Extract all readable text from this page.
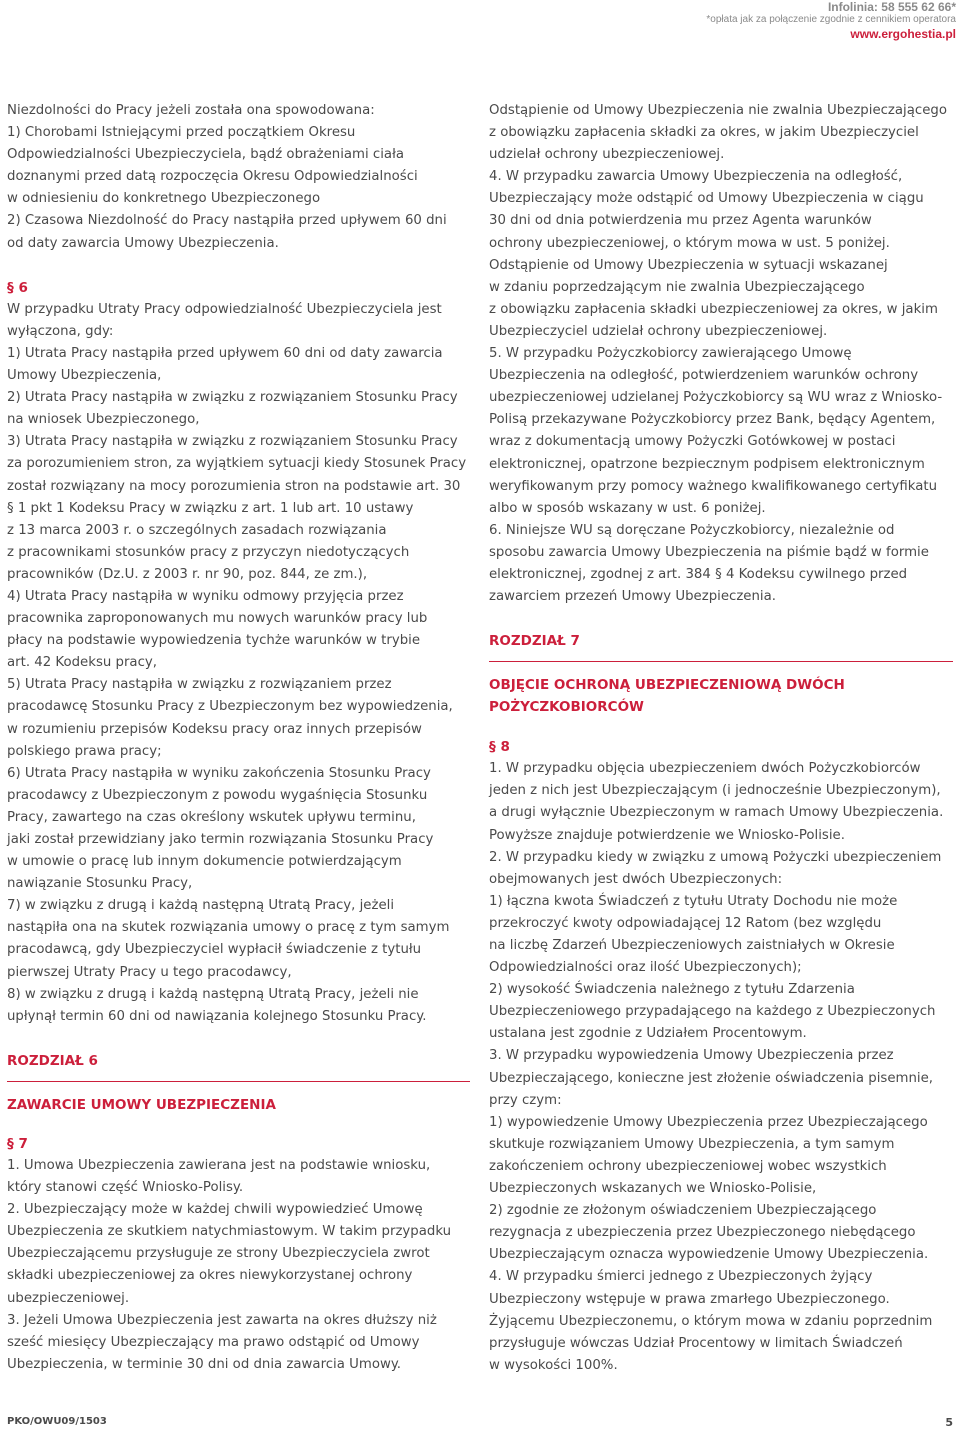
Infolinia: 58 555 62 66*
*opłata jak za połączenie zgodnie z cennikiem operatora
www.ergohestia.pl

Niezdolności do Pracy jeżeli została ona spowodowana:
1) Chorobami Istniejącymi przed początkiem Okresu
Odpowiedzialności Ubezpieczyciela, bądź obrażeniami ciała
doznanymi przed datą rozpoczęcia Okresu Odpowiedzialności
w odniesieniu do konkretnego Ubezpieczonego
2) Czasowa Niezdolność do Pracy nastąpiła przed upływem 60 dni
od daty zawarcia Umowy Ubezpieczenia.

§ 6

W przypadku Utraty Pracy odpowiedzialność Ubezpieczyciela jest
wyłączona, gdy:
1) Utrata Pracy nastąpiła przed upływem 60 dni od daty zawarcia
Umowy Ubezpieczenia,
2) Utrata Pracy nastąpiła w związku z rozwiązaniem Stosunku Pracy
na wniosek Ubezpieczonego,
3) Utrata Pracy nastąpiła w związku z rozwiązaniem Stosunku Pracy
za porozumieniem stron, za wyjątkiem sytuacji kiedy Stosunek Pracy
został rozwiązany na mocy porozumienia stron na podstawie art. 30
§ 1 pkt 1 Kodeksu Pracy w związku z art. 1 lub art. 10 ustawy
z 13 marca 2003 r. o szczególnych zasadach rozwiązania
z pracownikami stosunków pracy z przyczyn niedotyczących
pracowników (Dz.U. z 2003 r. nr 90, poz. 844, ze zm.),
4) Utrata Pracy nastąpiła w wyniku odmowy przyjęcia przez
pracownika zaproponowanych mu nowych warunków pracy lub
płacy na podstawie wypowiedzenia tychże warunków w trybie
art. 42 Kodeksu pracy,
5) Utrata Pracy nastąpiła w związku z rozwiązaniem przez
pracodawcę Stosunku Pracy z Ubezpieczonym bez wypowiedzenia,
w rozumieniu przepisów Kodeksu pracy oraz innych przepisów
polskiego prawa pracy;
6) Utrata Pracy nastąpiła w wyniku zakończenia Stosunku Pracy
pracodawcy z Ubezpieczonym z powodu wygaśnięcia Stosunku
Pracy, zawartego na czas określony wskutek upływu terminu,
jaki został przewidziany jako termin rozwiązania Stosunku Pracy
w umowie o pracę lub innym dokumencie potwierdzającym
nawiązanie Stosunku Pracy,
7) w związku z drugą i każdą następną Utratą Pracy, jeżeli
nastąpiła ona na skutek rozwiązania umowy o pracę z tym samym
pracodawcą, gdy Ubezpieczyciel wypłacił świadczenie z tytułu
pierwszej Utraty Pracy u tego pracodawcy,
8) w związku z drugą i każdą następną Utratą Pracy, jeżeli nie
upłynął termin 60 dni od nawiązania kolejnego Stosunku Pracy.

ROZDZIAŁ 6

ZAWARCIE UMOWY UBEZPIECZENIA

§ 7

1. Umowa Ubezpieczenia zawierana jest na podstawie wniosku,
który stanowi część Wniosko-Polisy.
2. Ubezpieczający może w każdej chwili wypowiedzieć Umowę
Ubezpieczenia ze skutkiem natychmiastowym. W takim przypadku
Ubezpieczającemu przysługuje ze strony Ubezpieczyciela zwrot
składki ubezpieczeniowej za okres niewykorzystanej ochrony
ubezpieczeniowej.
3. Jeżeli Umowa Ubezpieczenia jest zawarta na okres dłuższy niż
sześć miesięcy Ubezpieczający ma prawo odstąpić od Umowy
Ubezpieczenia, w terminie 30 dni od dnia zawarcia Umowy.

Odstąpienie od Umowy Ubezpieczenia nie zwalnia Ubezpieczającego
z obowiązku zapłacenia składki za okres, w jakim Ubezpieczyciel
udzielał ochrony ubezpieczeniowej.
4. W przypadku zawarcia Umowy Ubezpieczenia na odległość,
Ubezpieczający może odstąpić od Umowy Ubezpieczenia w ciągu
30 dni od dnia potwierdzenia mu przez Agenta warunków
ochrony ubezpieczeniowej, o którym mowa w ust. 5 poniżej.
Odstąpienie od Umowy Ubezpieczenia w sytuacji wskazanej
w zdaniu poprzedzającym nie zwalnia Ubezpieczającego
z obowiązku zapłacenia składki ubezpieczeniowej za okres, w jakim
Ubezpieczyciel udzielał ochrony ubezpieczeniowej.
5. W przypadku Pożyczkobiorcy zawierającego Umowę
Ubezpieczenia na odległość, potwierdzeniem warunków ochrony
ubezpieczeniowej udzielanej Pożyczkobiorcy są WU wraz z Wniosko-
Polisą przekazywane Pożyczkobiorcy przez Bank, będący Agentem,
wraz z dokumentacją umowy Pożyczki Gotówkowej w postaci
elektronicznej, opatrzone bezpiecznym podpisem elektronicznym
weryfikowanym przy pomocy ważnego kwalifikowanego certyfikatu
albo w sposób wskazany w ust. 6 poniżej.
6. Niniejsze WU są doręczane Pożyczkobiorcy, niezależnie od
sposobu zawarcia Umowy Ubezpieczenia na piśmie bądź w formie
elektronicznej, zgodnej z art. 384 § 4 Kodeksu cywilnego przed
zawarciem przezeń Umowy Ubezpieczenia.

ROZDZIAŁ 7

OBJĘCIE OCHRONĄ UBEZPIECZENIOWĄ DWÓCH
POŻYCZKOBIORCÓW

§ 8

1. W przypadku objęcia ubezpieczeniem dwóch Pożyczkobiorców
jeden z nich jest Ubezpieczającym (i jednocześnie Ubezpieczonym),
a drugi wyłącznie Ubezpieczonym w ramach Umowy Ubezpieczenia.
Powyższe znajduje potwierdzenie we Wniosko-Polisie.
2. W przypadku kiedy w związku z umową Pożyczki ubezpieczeniem
obejmowanych jest dwóch Ubezpieczonych:
1) łączna kwota Świadczeń z tytułu Utraty Dochodu nie może
przekroczyć kwoty odpowiadającej 12 Ratom (bez względu
na liczbę Zdarzeń Ubezpieczeniowych zaistniałych w Okresie
Odpowiedzialności oraz ilość Ubezpieczonych);
2) wysokość Świadczenia należnego z tytułu Zdarzenia
Ubezpieczeniowego przypadającego na każdego z Ubezpieczonych
ustalana jest zgodnie z Udziałem Procentowym.
3. W przypadku wypowiedzenia Umowy Ubezpieczenia przez
Ubezpieczającego, konieczne jest złożenie oświadczenia pisemnie,
przy czym:
1) wypowiedzenie Umowy Ubezpieczenia przez Ubezpieczającego
skutkuje rozwiązaniem Umowy Ubezpieczenia, a tym samym
zakończeniem ochrony ubezpieczeniowej wobec wszystkich
Ubezpieczonych wskazanych we Wniosko-Polisie,
2) zgodnie ze złożonym oświadczeniem Ubezpieczającego
rezygnacja z ubezpieczenia przez Ubezpieczonego niebędącego
Ubezpieczającym oznacza wypowiedzenie Umowy Ubezpieczenia.
4. W przypadku śmierci jednego z Ubezpieczonych żyjący
Ubezpieczony wstępuje w prawa zmarłego Ubezpieczonego.
Żyjącemu Ubezpieczonemu, o którym mowa w zdaniu poprzednim
przysługuje wówczas Udział Procentowy w limitach Świadczeń
w wysokości 100%.

PKO/OWU09/1503	5
